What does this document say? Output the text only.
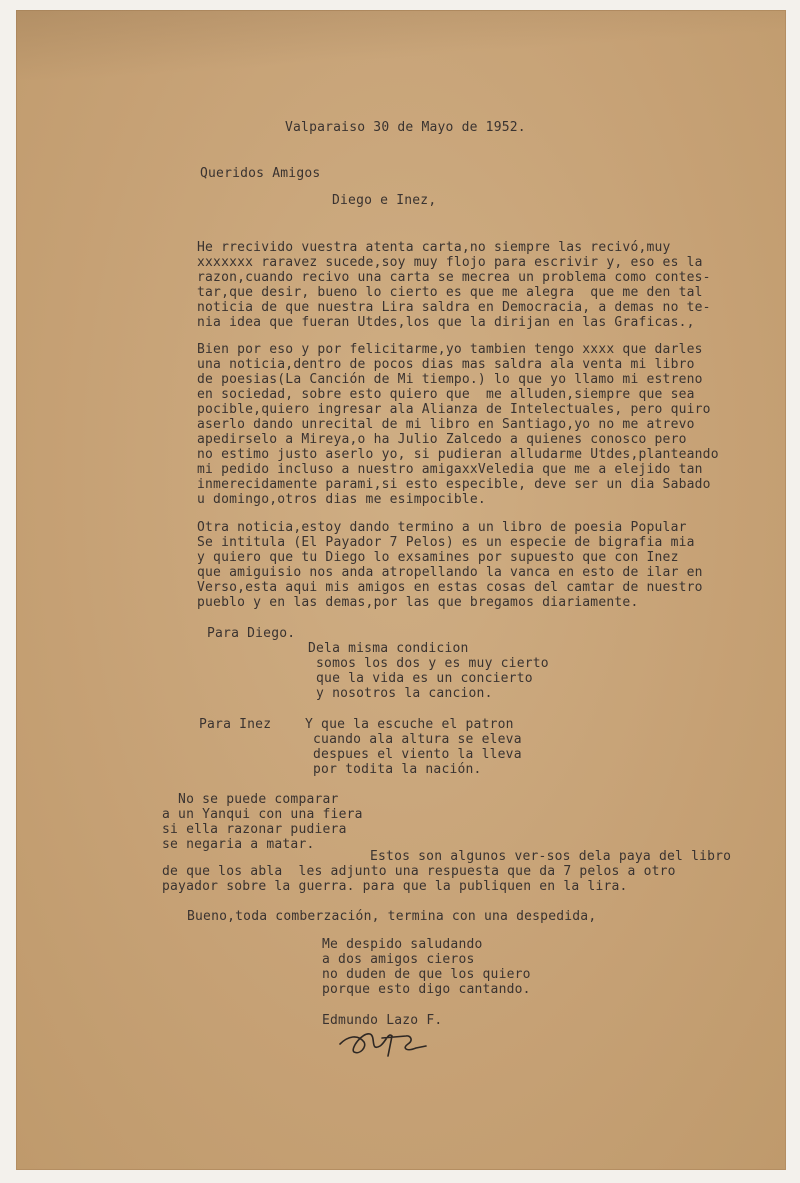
Valparaiso 30 de Mayo de 1952.

Queridos Amigos

Diego e Inez,

He rrecivido vuestra atenta carta,no siempre las recivó,muy
xxxxxxx raravez sucede,soy muy flojo para escrivir y, eso es la
razon,cuando recivo una carta se mecrea un problema como contes-
tar,que desir, bueno lo cierto es que me alegra  que me den tal
noticia de que nuestra Lira saldra en Democracia, a demas no te-
nia idea que fueran Utdes,los que la dirijan en las Graficas.,

Bien por eso y por felicitarme,yo tambien tengo xxxx que darles
una noticia,dentro de pocos dias mas saldra ala venta mi libro
de poesias(La Canción de Mi tiempo.) lo que yo llamo mi estreno
en sociedad, sobre esto quiero que  me alluden,siempre que sea
pocible,quiero ingresar ala Alianza de Intelectuales, pero quiro
aserlo dando unrecital de mi libro en Santiago,yo no me atrevo
apedirselo a Mireya,o ha Julio Zalcedo a quienes conosco pero
no estimo justo aserlo yo, si pudieran alludarme Utdes,planteando
mi pedido incluso a nuestro amigaxxVeledia que me a elejido tan
inmerecidamente parami,si esto especible, deve ser un dia Sabado
u domingo,otros dias me esimpocible.

Otra noticia,estoy dando termino a un libro de poesia Popular
Se intitula (El Payador 7 Pelos) es un especie de bigrafia mia
y quiero que tu Diego lo exsamines por supuesto que con Inez
que amiguisio nos anda atropellando la vanca en esto de ilar en
Verso,esta aqui mis amigos en estas cosas del camtar de nuestro
pueblo y en las demas,por las que bregamos diariamente.

Para Diego.

Dela misma condicion
somos los dos y es muy cierto
que la vida es un concierto
y nosotros la cancion.

Para Inez	Y que la escuche el patron
cuando ala altura se eleva
despues el viento la lleva
por todita la nación.

No se puede comparar
a un Yanqui con una fiera
si ella razonar pudiera
se negaria a matar.

Estos son algunos ver-sos dela paya del libro

de que los abla  les adjunto una respuesta que da 7 pelos a otro
payador sobre la guerra. para que la publiquen en la lira.

Bueno,toda comberzación, termina con una despedida,

Me despido saludando
a dos amigos cieros
no duden de que los quiero
porque esto digo cantando.

Edmundo Lazo F.
